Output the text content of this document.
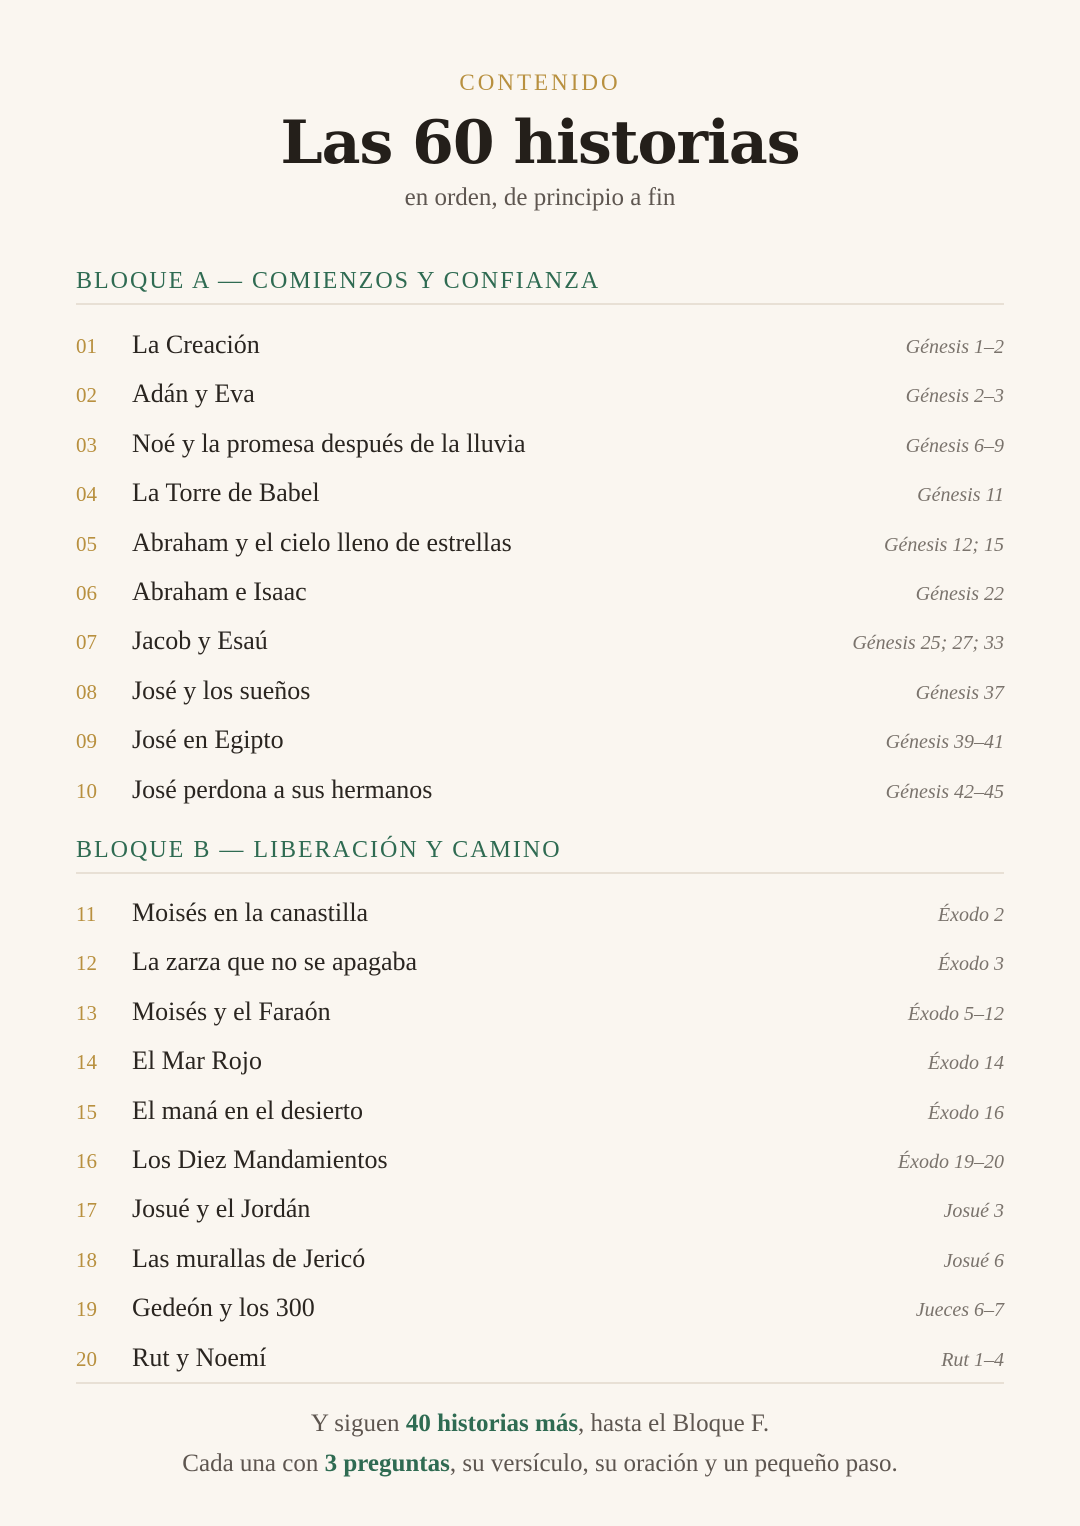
CONTENIDO
Las 60 historias
en orden, de principio a fin
BLOQUE A — COMIENZOS Y CONFIANZA
01	La Creación	Génesis 1–2
02	Adán y Eva	Génesis 2–3
03	Noé y la promesa después de la lluvia	Génesis 6–9
04	La Torre de Babel	Génesis 11
05	Abraham y el cielo lleno de estrellas	Génesis 12; 15
06	Abraham e Isaac	Génesis 22
07	Jacob y Esaú	Génesis 25; 27; 33
08	José y los sueños	Génesis 37
09	José en Egipto	Génesis 39–41
10	José perdona a sus hermanos	Génesis 42–45
BLOQUE B — LIBERACIÓN Y CAMINO
11	Moisés en la canastilla	Éxodo 2
12	La zarza que no se apagaba	Éxodo 3
13	Moisés y el Faraón	Éxodo 5–12
14	El Mar Rojo	Éxodo 14
15	El maná en el desierto	Éxodo 16
16	Los Diez Mandamientos	Éxodo 19–20
17	Josué y el Jordán	Josué 3
18	Las murallas de Jericó	Josué 6
19	Gedeón y los 300	Jueces 6–7
20	Rut y Noemí	Rut 1–4
Y siguen 40 historias más, hasta el Bloque F.
Cada una con 3 preguntas, su versículo, su oración y un pequeño paso.
